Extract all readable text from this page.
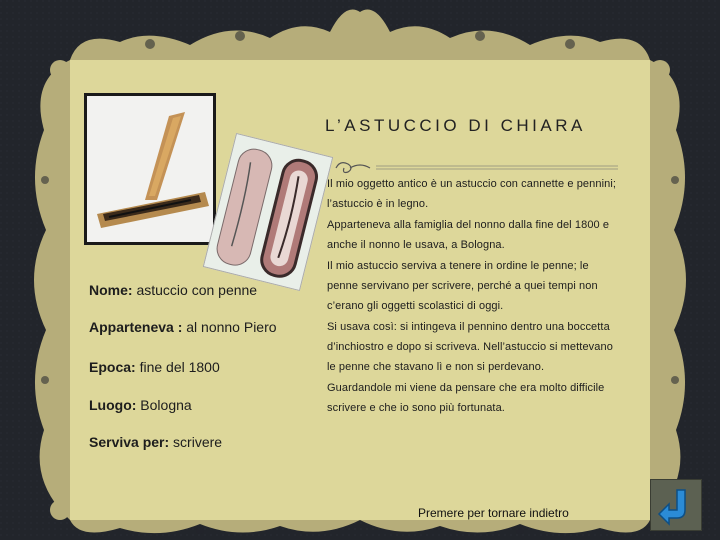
L’ASTUCCIO DI CHIARA
Nome: astuccio con penne
Apparteneva : al nonno Piero
Epoca: fine del 1800
Luogo: Bologna
Serviva per: scrivere

Il mio oggetto antico è un astuccio con cannette e pennini; l’astuccio è in legno.

Apparteneva alla famiglia del nonno dalla fine del 1800 e anche il nonno le usava, a Bologna.

Il mio astuccio serviva a tenere in ordine le penne; le penne servivano per scrivere, perché a quei tempi non c’erano gli oggetti scolastici di oggi.

Si usava così: si intingeva il pennino dentro una boccetta d’inchiostro e dopo si scriveva. Nell’astuccio si mettevano le penne che stavano lì e non si perdevano.

Guardandole mi viene da pensare che era molto difficile scrivere e che io sono più fortunata.

Premere per tornare indietro
